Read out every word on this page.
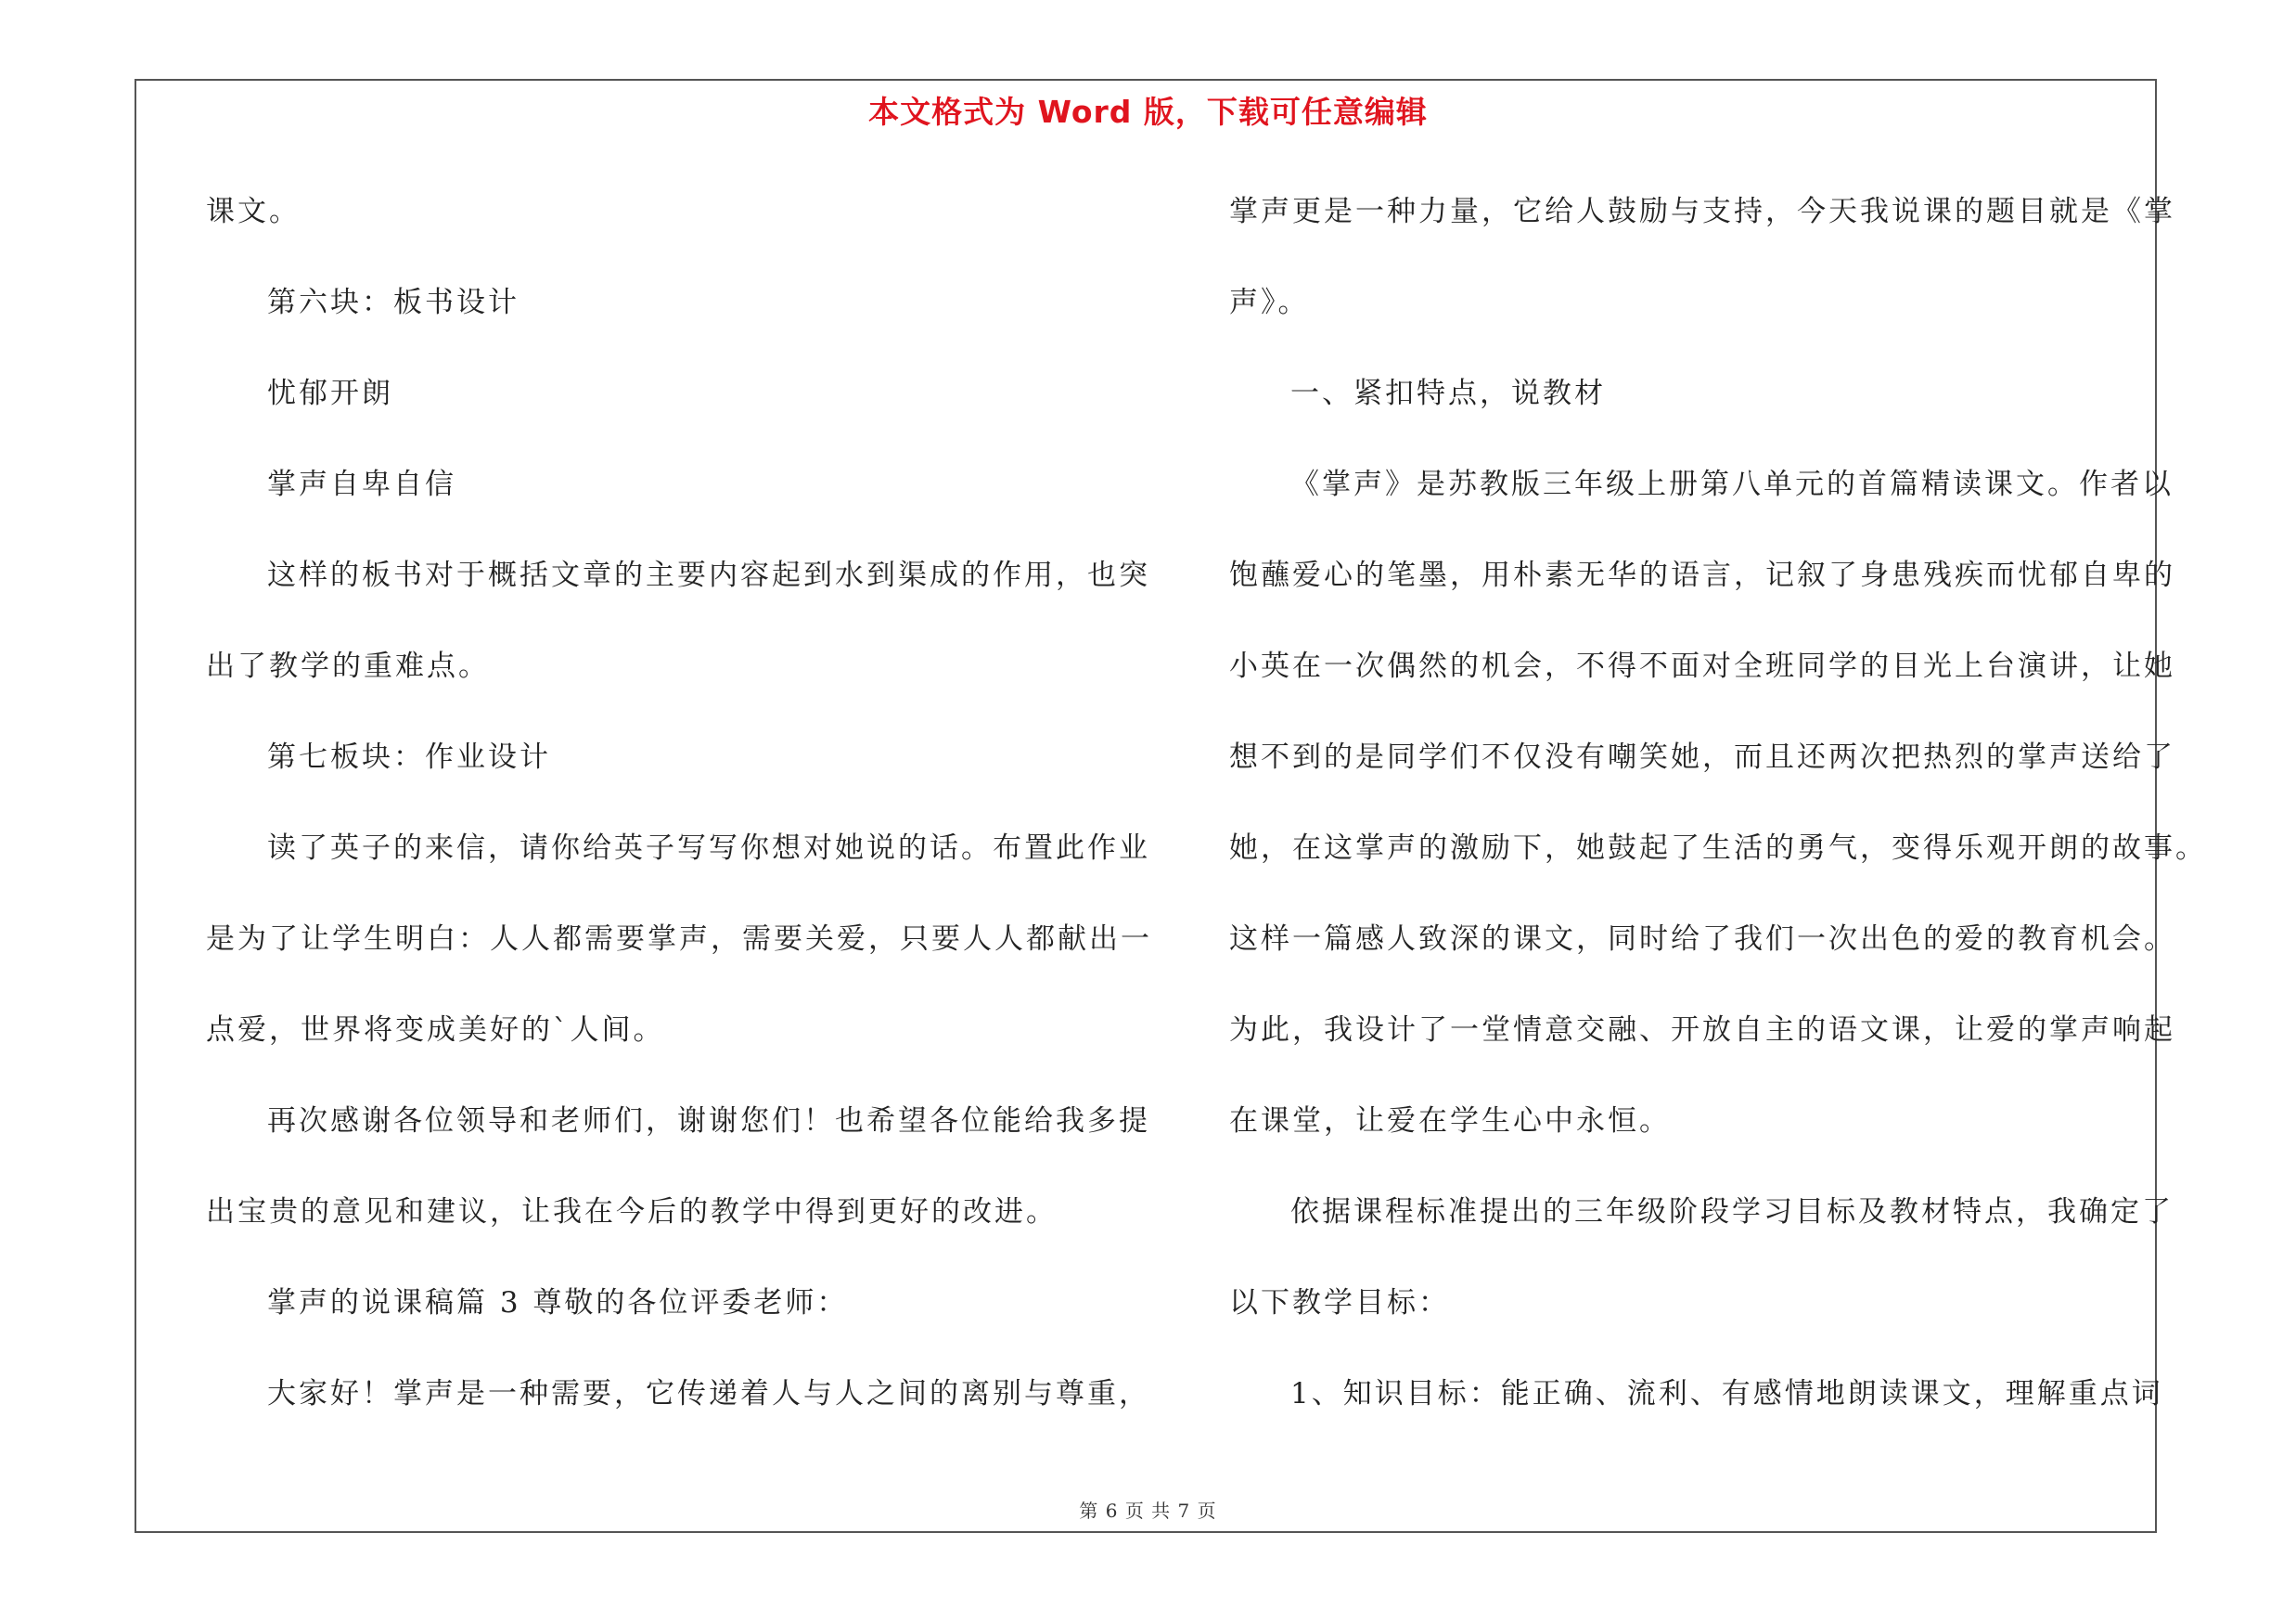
本文格式为 Word 版，下载可任意编辑
课文。
第六块：板书设计
忧郁开朗
掌声自卑自信
这样的板书对于概括文章的主要内容起到水到渠成的作用，也突
出了教学的重难点。
第七板块：作业设计
读了英子的来信，请你给英子写写你想对她说的话。布置此作业
是为了让学生明白：人人都需要掌声，需要关爱，只要人人都献出一
点爱，世界将变成美好的`人间。
再次感谢各位领导和老师们，谢谢您们！也希望各位能给我多提
出宝贵的意见和建议，让我在今后的教学中得到更好的改进。
掌声的说课稿篇 3 尊敬的各位评委老师：
大家好！掌声是一种需要，它传递着人与人之间的离别与尊重，
掌声更是一种力量，它给人鼓励与支持，今天我说课的题目就是《掌
声》。
一、紧扣特点，说教材
《掌声》是苏教版三年级上册第八单元的首篇精读课文。作者以
饱蘸爱心的笔墨，用朴素无华的语言，记叙了身患残疾而忧郁自卑的
小英在一次偶然的机会，不得不面对全班同学的目光上台演讲，让她
想不到的是同学们不仅没有嘲笑她，而且还两次把热烈的掌声送给了
她，在这掌声的激励下，她鼓起了生活的勇气，变得乐观开朗的故事。
这样一篇感人致深的课文，同时给了我们一次出色的爱的教育机会。
为此，我设计了一堂情意交融、开放自主的语文课，让爱的掌声响起
在课堂，让爱在学生心中永恒。
依据课程标准提出的三年级阶段学习目标及教材特点，我确定了
以下教学目标：
1、知识目标：能正确、流利、有感情地朗读课文，理解重点词
第 6 页 共 7 页
